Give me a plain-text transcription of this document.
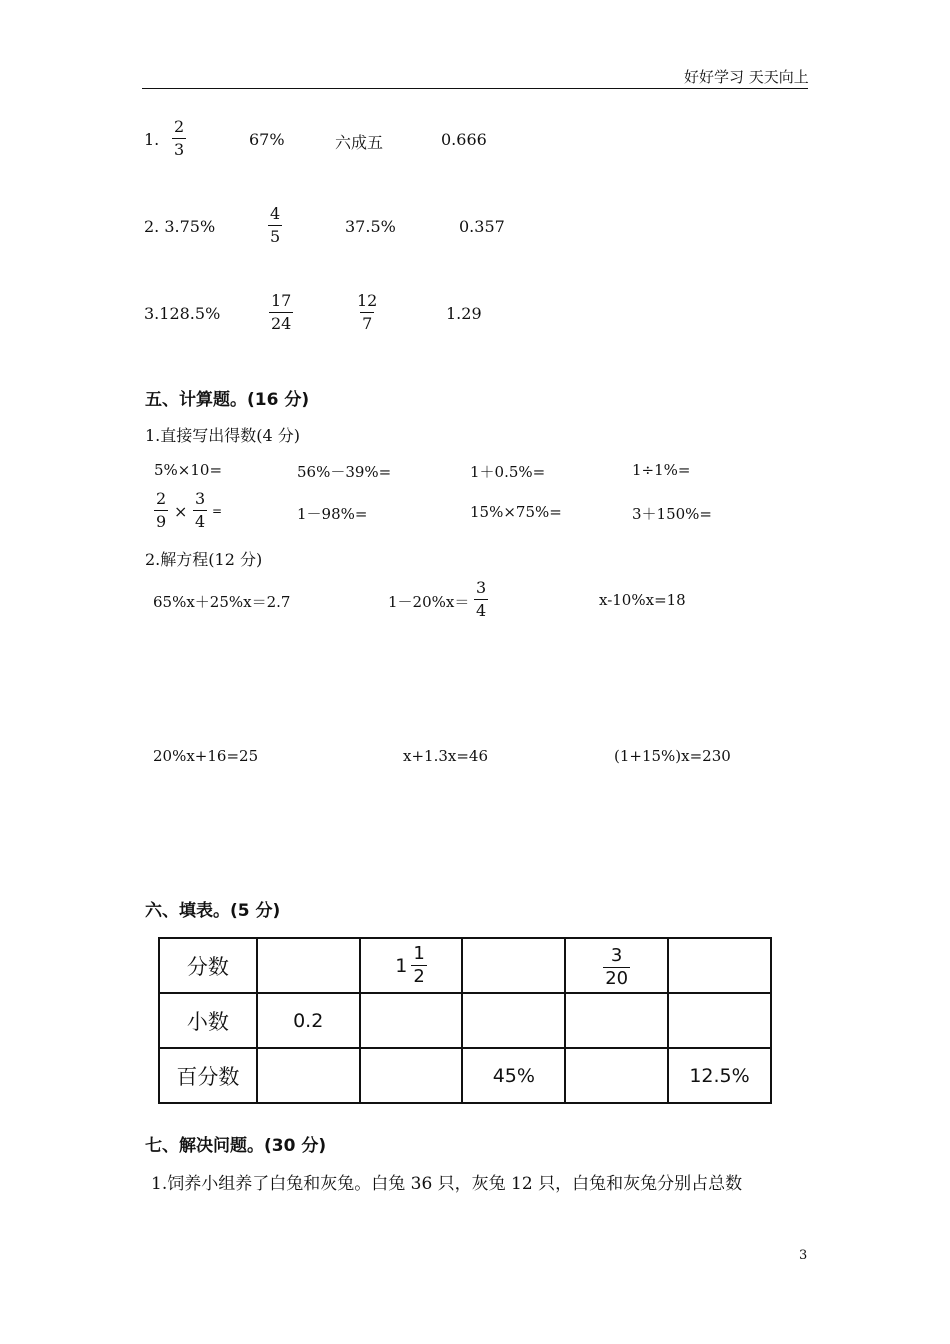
好好学习 天天向上
1. $\frac{2}{3}$	67%	六成五	0.666
2. 3.75%	$\frac{4}{5}$	37.5%	0.357
3.128.5%	$\frac{17}{24}$	$\frac{12}{7}$	1.29
五、计算题。(16 分)
1.直接写出得数(4 分)
5%×10=	56%－39%=	1＋0.5%=	1÷1%=
$\frac{2}{9} \times \frac{3}{4}$ =	1－98%=	15%×75%=	3＋150%=
2.解方程(12 分)
65%x＋25%x＝2.7	$1-20\%x= \frac{3}{4}$	x-10%x=18
20%x+16=25	x+1.3x=46	(1+15%)x=230
六、填表。(5 分)
分数		$1 \frac{1}{2}$		$\frac{3}{20}$

小数	0.2				
百分数			45%		12.5%
七、解决问题。(30 分)
1.饲养小组养了白兔和灰兔。白兔 36 只，灰兔 12 只，白兔和灰兔分别占总数
3
